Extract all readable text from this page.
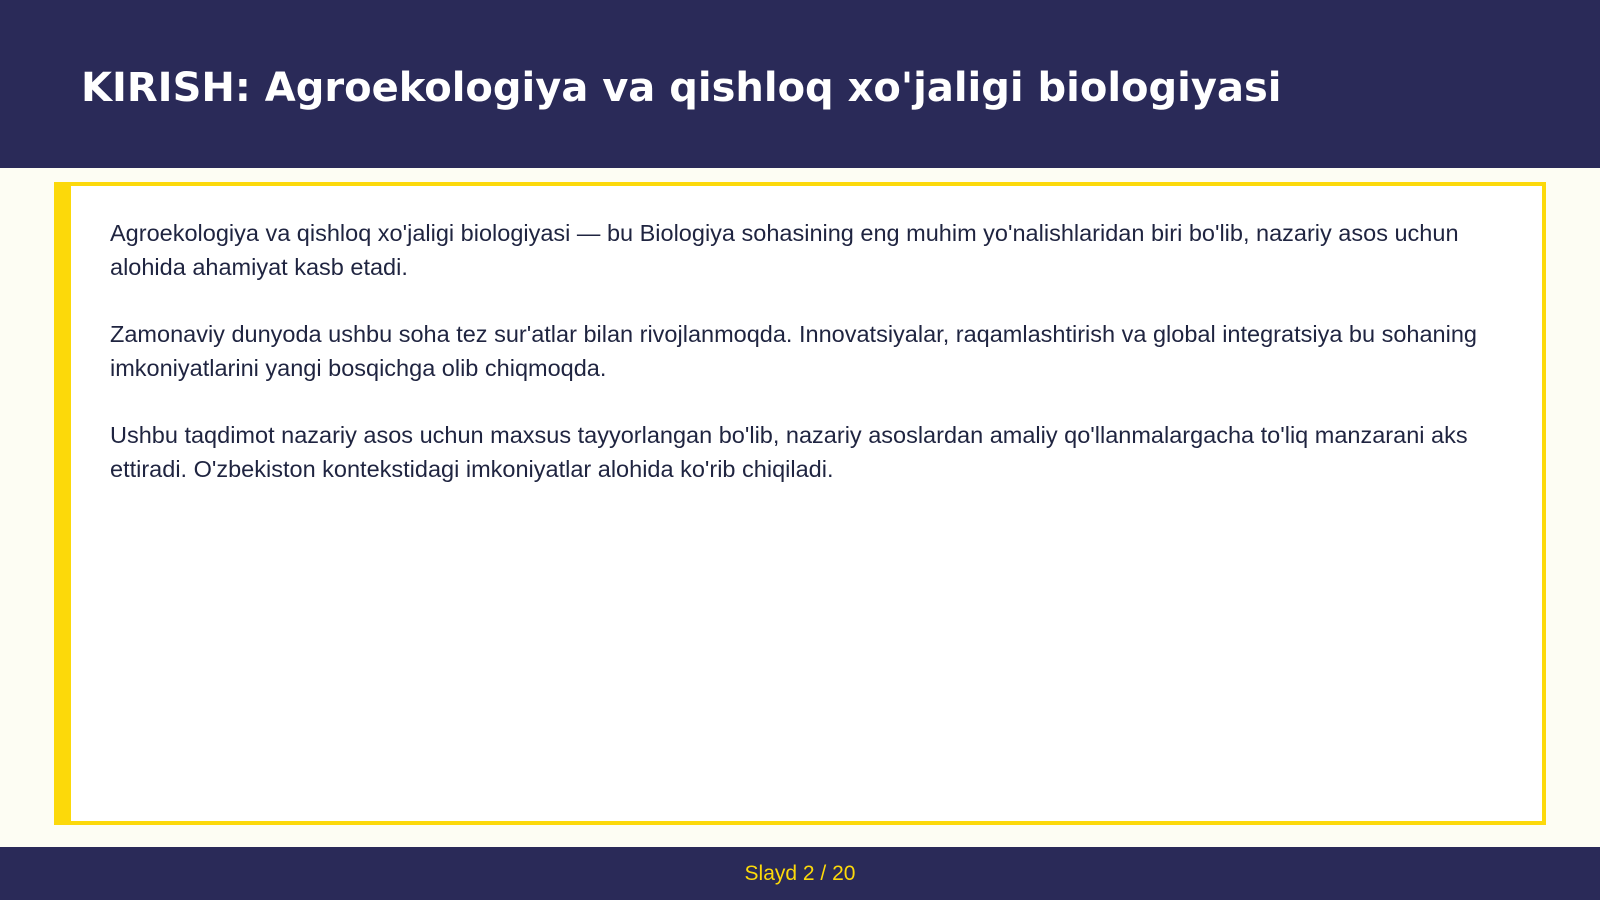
KIRISH: Agroekologiya va qishloq xo'jaligi biologiyasi

Agroekologiya va qishloq xo'jaligi biologiyasi — bu Biologiya sohasining eng muhim yo'nalishlaridan biri bo'lib, nazariy asos uchun alohida ahamiyat kasb etadi.

Zamonaviy dunyoda ushbu soha tez sur'atlar bilan rivojlanmoqda. Innovatsiyalar, raqamlashtirish va global integratsiya bu sohaning imkoniyatlarini yangi bosqichga olib chiqmoqda.

Ushbu taqdimot nazariy asos uchun maxsus tayyorlangan bo'lib, nazariy asoslardan amaliy qo'llanmalargacha to'liq manzarani aks ettiradi. O'zbekiston kontekstidagi imkoniyatlar alohida ko'rib chiqiladi.

Slayd 2 / 20
